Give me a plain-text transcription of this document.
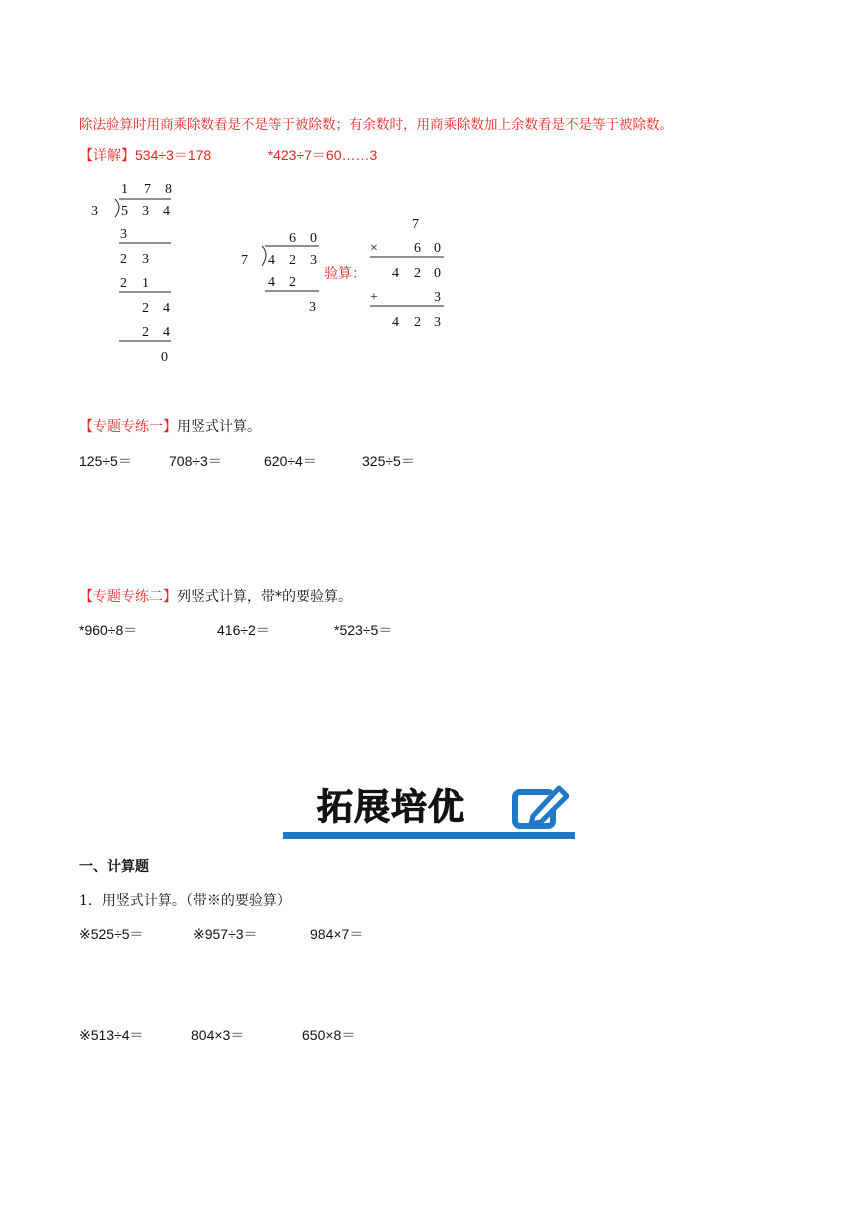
除法验算时用商乘除数看是不是等于被除数；有余数时，用商乘除数加上余数看是不是等于被除数。
【详解】534÷3＝178	*423÷7＝60……3
1 7 8
3 5 3 4
3
2 3
2 1
2 4
2 4
0
6 0
7 4 2 3
4 2
3
验算：
7
×	6 0
4 2 0
+	3
4 2 3
【专题专练一】用竖式计算。
125÷5＝	708÷3＝	620÷4＝	325÷5＝
【专题专练二】列竖式计算，带*的要验算。
*960÷8＝	416÷2＝	*523÷5＝
拓展培优
一、计算题
1．用竖式计算。（带※的要验算）
※525÷5＝	※957÷3＝	984×7＝
※513÷4＝	804×3＝	650×8＝
